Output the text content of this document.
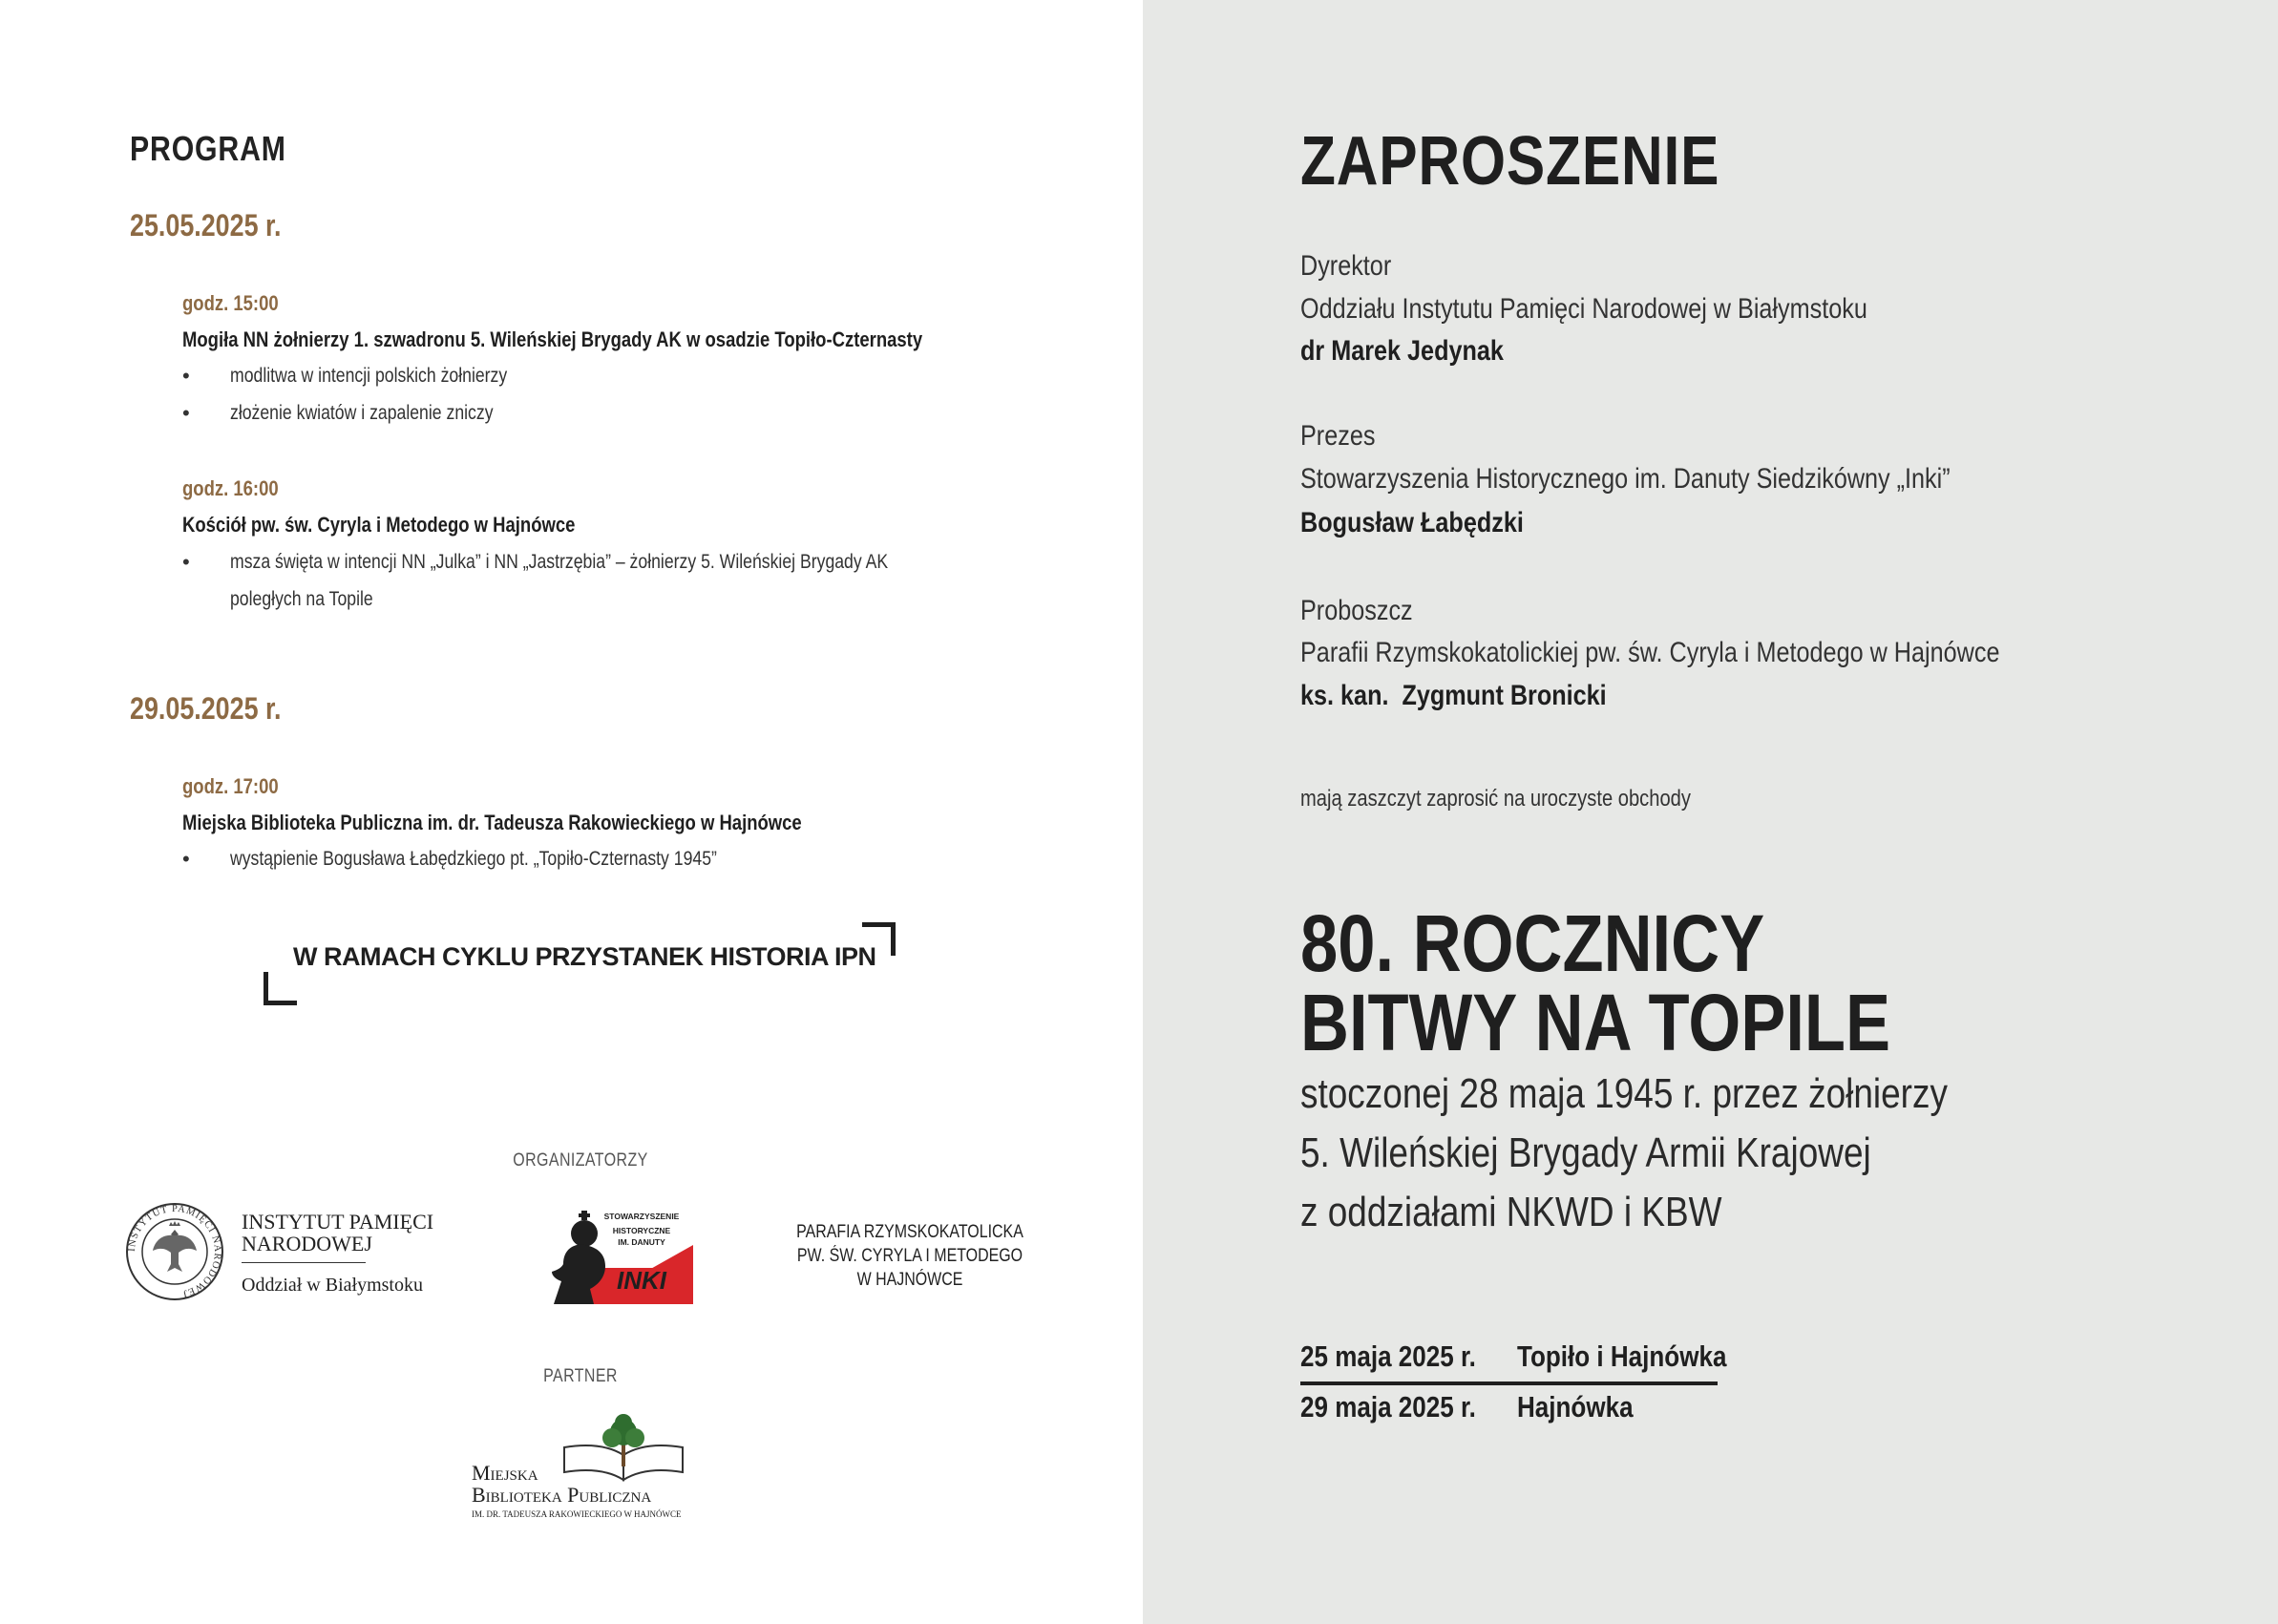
PROGRAM
25.05.2025 r.
godz. 15:00
Mogiła NN żołnierzy 1. szwadronu 5. Wileńskiej Brygady AK w osadzie Topiło-Czternasty
• modlitwa w intencji polskich żołnierzy
• złożenie kwiatów i zapalenie zniczy
godz. 16:00
Kościół pw. św. Cyryla i Metodego w Hajnówce
• msza święta w intencji NN „Julka” i NN „Jastrzębia” – żołnierzy 5. Wileńskiej Brygady AK
poległych na Topile
29.05.2025 r.
godz. 17:00
Miejska Biblioteka Publiczna im. dr. Tadeusza Rakowieckiego w Hajnówce
• wystąpienie Bogusława Łabędzkiego pt. „Topiło-Czternasty 1945”
W RAMACH CYKLU PRZYSTANEK HISTORIA IPN
ORGANIZATORZY
INSTYTUT PAMIĘCI NARODOWEJ
INSTYTUT PAMIĘCI
NARODOWEJ
Oddział w Białymstoku
STOWARZYSZENIE
HISTORYCZNE
IM. DANUTY
SIEDZIKÓWNY
INKI
PARAFIA RZYMSKOKATOLICKA
PW. ŚW. CYRYLA I METODEGO
W HAJNÓWCE
PARTNER
Miejska
Biblioteka Publiczna
IM. DR. TADEUSZA RAKOWIECKIEGO W HAJNÓWCE
ZAPROSZENIE
Dyrektor
Oddziału Instytutu Pamięci Narodowej w Białymstoku
dr Marek Jedynak
Prezes
Stowarzyszenia Historycznego im. Danuty Siedzikówny „Inki”
Bogusław Łabędzki
Proboszcz
Parafii Rzymskokatolickiej pw. św. Cyryla i Metodego w Hajnówce
ks. kan.  Zygmunt Bronicki
mają zaszczyt zaprosić na uroczyste obchody
80. ROCZNICY
BITWY NA TOPILE
stoczonej 28 maja 1945 r. przez żołnierzy
5. Wileńskiej Brygady Armii Krajowej
z oddziałami NKWD i KBW
25 maja 2025 r. Topiło i Hajnówka
29 maja 2025 r. Hajnówka
